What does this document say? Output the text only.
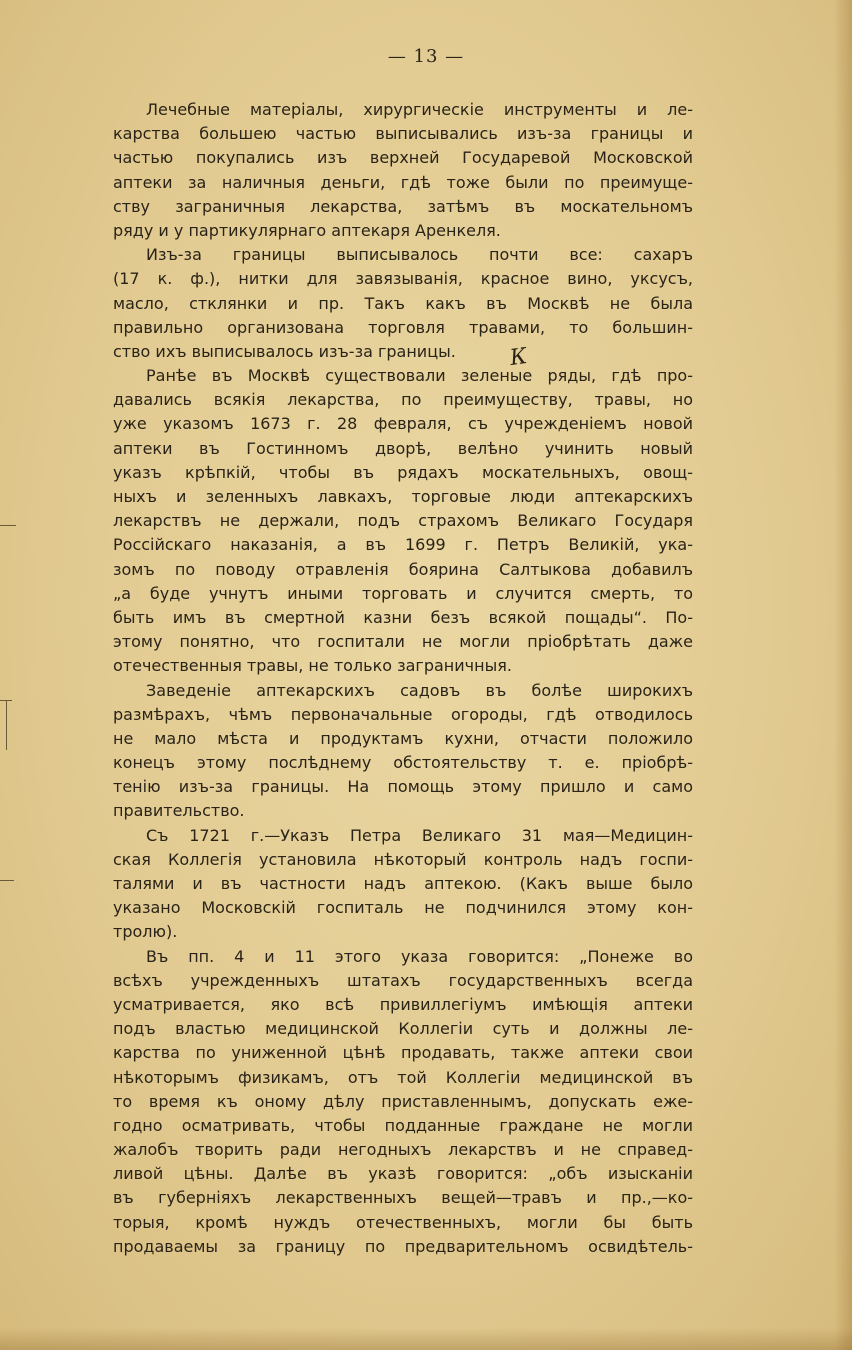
— 13 —
Лечебные матеріалы, хирургическіе инструменты и ле-
карства большею частью выписывались изъ-за границы и
частью покупались изъ верхней Государевой Московской
аптеки за наличныя деньги, гдѣ тоже были по преимуще-
ству заграничныя лекарства, затѣмъ въ москательномъ
ряду и у партикулярнаго аптекаря Аренкеля.
Изъ-за границы выписывалось почти все: сахаръ
(17 к. ф.), нитки для завязыванія, красное вино, уксусъ,
масло, стклянки и пр. Такъ какъ въ Москвѣ не была
правильно организована торговля травами, то большин-
ство ихъ выписывалось изъ-за границы.
Ранѣе въ Москвѣ существовали зеленые ряды, гдѣ про-
давались всякія лекарства, по преимуществу, травы, но
уже указомъ 1673 г. 28 февраля, съ учрежденіемъ новой
аптеки въ Гостинномъ дворѣ, велѣно учинить новый
указъ крѣпкій, чтобы въ рядахъ москательныхъ, овощ-
ныхъ и зеленныхъ лавкахъ, торговые люди аптекарскихъ
лекарствъ не держали, подъ страхомъ Великаго Государя
Россійскаго наказанія, а въ 1699 г. Петръ Великій, ука-
зомъ по поводу отравленія боярина Салтыкова добавилъ
„а буде учнутъ иными торговать и случится смерть, то
быть имъ въ смертной казни безъ всякой пощады“. По-
этому понятно, что госпитали не могли пріобрѣтать даже
отечественныя травы, не только заграничныя.
Заведеніе аптекарскихъ садовъ въ болѣе широкихъ
размѣрахъ, чѣмъ первоначальные огороды, гдѣ отводилось
не мало мѣста и продуктамъ кухни, отчасти положило
конецъ этому послѣднему обстоятельству т. е. пріобрѣ-
тенію изъ-за границы. На помощь этому пришло и само
правительство.
Съ 1721 г.—Указъ Петра Великаго 31 мая—Медицин-
ская Коллегія установила нѣкоторый контроль надъ госпи-
талями и въ частности надъ аптекою. (Какъ выше было
указано Московскій госпиталь не подчинился этому кон-
тролю).
Въ пп. 4 и 11 этого указа говорится: „Понеже во
всѣхъ учрежденныхъ штатахъ государственныхъ всегда
усматривается, яко всѣ привиллегіумъ имѣющія аптеки
подъ властью медицинской Коллегіи суть и должны ле-
карства по униженной цѣнѣ продавать, также аптеки свои
нѣкоторымъ физикамъ, отъ той Коллегіи медицинской въ
то время къ оному дѣлу приставленнымъ, допускать еже-
годно осматривать, чтобы подданные граждане не могли
жалобъ творить ради негодныхъ лекарствъ и не справед-
ливой цѣны. Далѣе въ указѣ говорится: „объ изысканіи
въ губерніяхъ лекарственныхъ вещей—травъ и пр.,—ко-
торыя, кромѣ нуждъ отечественныхъ, могли бы быть
продаваемы за границу по предварительномъ освидѣтель-
К
